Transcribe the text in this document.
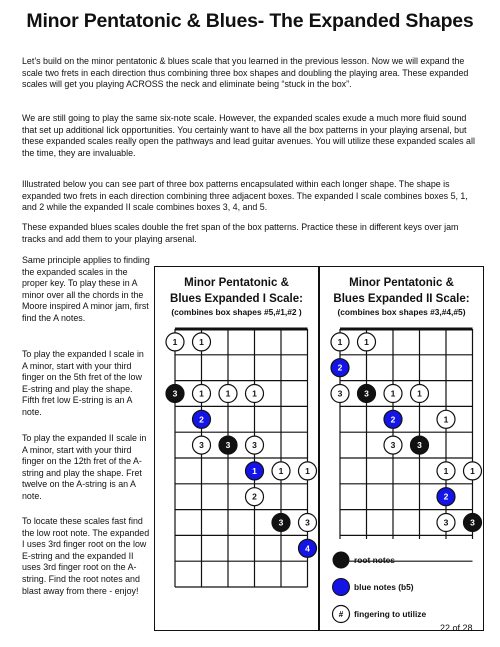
Minor Pentatonic & Blues- The Expanded Shapes

Let’s build on the minor pentatonic & blues scale that you learned in the previous lesson. Now we will expand the scale two frets in each direction thus combining three box shapes and doubling the playing area. These expanded scales will get you playing ACROSS the neck and eliminate being “stuck in the box”.

We are still going to play the same six-note scale. However, the expanded scales exude a much more fluid sound that set up additional lick opportunities. You certainly want to have all the box patterns in your playing arsenal, but these expanded scales really open the pathways and lead guitar avenues. You will utilize these expanded scales all the time, they are invaluable.

Illustrated below you can see part of three box patterns encapsulated within each longer shape. The shape is expanded two frets in each direction combining three adjacent boxes. The expanded I scale combines boxes 5, 1, and 2 while the expanded II scale combines boxes 3, 4, and 5.

These expanded blues scales double the fret span of the box patterns. Practice these in different keys over jam tracks and add them to your playing arsenal.

Same principle applies to finding the expanded scales in the proper key. To play these in A minor over all the chords in the Moore inspired A minor jam, first find the A notes.

To play the expanded I scale in A minor, start with your third finger on the 5th fret of the low E-string and play the shape. Fifth fret low E-string is an A note.

To play the expanded II scale in A minor, start with your third finger on the 12th fret of the A-string and play the shape. Fret twelve on the A-string is an A note.

To locate these scales fast find the low root note. The expanded I uses 3rd finger root on the low E-string and the expanded II uses 3rd finger root on the A-string. Find the root notes and blast away from there - enjoy!

Minor Pentatonic &
Blues Expanded I Scale:
(combines box shapes #5,#1,#2 )
1	1
3	1	1	1
2
3	3	3
1	1	1
2
3	3
4
Minor Pentatonic &
Blues Expanded II Scale:
(combines box shapes #3,#4,#5)
1	1
2
3	3	1	1
2	1
3	3
1	1
2
3	3
#
root notes
blue notes (b5)
fingering to utilize
22 of 28
